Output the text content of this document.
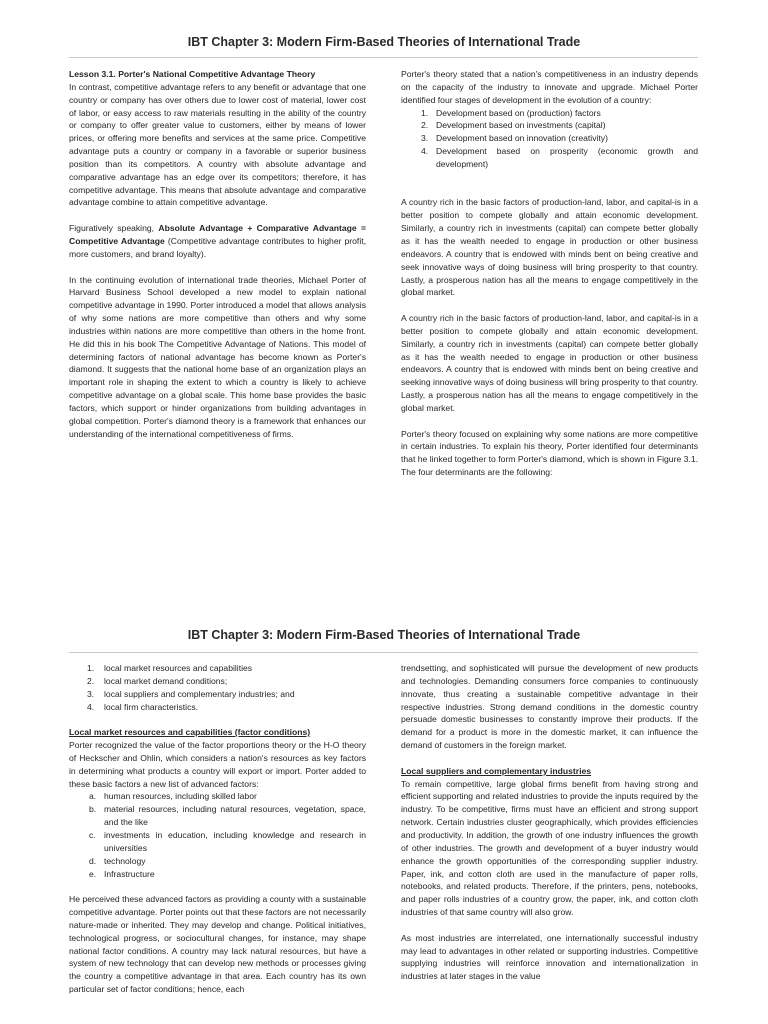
IBT Chapter 3: Modern Firm-Based Theories of International Trade

Lesson 3.1. Porter's National Competitive Advantage Theory

In contrast, competitive advantage refers to any benefit or advantage that one country or company has over others due to lower cost of material, lower cost of labor, or easy access to raw materials resulting in the ability of the country or company to offer greater value to customers, either by means of lower prices, or offering more benefits and services at the same price. Competitive advantage puts a country or company in a favorable or superior business position than its competitors. A country with absolute advantage and comparative advantage has an edge over its competitors; therefore, it has competitive advantage. This means that absolute advantage and comparative advantage combine to attain competitive advantage.

Figuratively speaking, Absolute Advantage + Comparative Advantage = Competitive Advantage (Competitive advantage contributes to higher profit, more customers, and brand loyalty).

In the continuing evolution of international trade theories, Michael Porter of Harvard Business School developed a new model to explain national competitive advantage in 1990. Porter introduced a model that allows analysis of why some nations are more competitive than others and why some industries within nations are more competitive than others in the home front. He did this in his book The Competitive Advantage of Nations. This model of determining factors of national advantage has become known as Porter's diamond. It suggests that the national home base of an organization plays an important role in shaping the extent to which a country is likely to achieve competitive advantage on a global scale. This home base provides the basic factors, which support or hinder organizations from building advantages in global competition. Porter's diamond theory is a framework that enhances our understanding of the international competitiveness of firms.

Porter's theory stated that a nation's competitiveness in an industry depends on the capacity of the industry to innovate and upgrade. Michael Porter identified four stages of development in the evolution of a country:

1. Development based on (production) factors
2. Development based on investments (capital)
3. Development based on innovation (creativity)
4. Development based on prosperity (economic growth and development)

A country rich in the basic factors of production-land, labor, and capital-is in a better position to compete globally and attain economic development. Similarly, a country rich in investments (capital) can compete better globally as it has the wealth needed to engage in production or other business endeavors. A country that is endowed with minds bent on being creative and seek innovative ways of doing business will bring prosperity to that country. Lastly, a prosperous nation has all the means to engage competitively in the global market.

A country rich in the basic factors of production-land, labor, and capital-is in a better position to compete globally and attain economic development. Similarly, a country rich in investments (capital) can compete better globally as it has the wealth needed to engage in production or other business endeavors. A country that is endowed with minds bent on being creative and seeking innovative ways of doing business will bring prosperity to that country. Lastly, a prosperous nation has all the means to engage competitively in the global market.

Porter's theory focused on explaining why some nations are more competitive in certain industries. To explain his theory, Porter identified four determinants that he linked together to form Porter's diamond, which is shown in Figure 3.1. The four determinants are the following:

IBT Chapter 3: Modern Firm-Based Theories of International Trade
1. local market resources and capabilities
2. local market demand conditions;
3. local suppliers and complementary industries; and
4. local firm characteristics.

Local market resources and capabilities (factor conditions)

Porter recognized the value of the factor proportions theory or the H-O theory of Heckscher and Ohlin, which considers a nation's resources as key factors in determining what products a country will export or import. Porter added to these basic factors a new list of advanced factors:

a. human resources, including skilled labor
b. material resources, including natural resources, vegetation, space, and the like
c. investments in education, including knowledge and research in universities
d. technology
e. Infrastructure

He perceived these advanced factors as providing a county with a sustainable competitive advantage. Porter points out that these factors are not necessarily nature-made or inherited. They may develop and change. Political initiatives, technological progress, or sociocultural changes, for instance, may shape national factor conditions. A country may lack natural resources, but have a system of new technology that can develop new methods or processes giving the country a competitive advantage in that area. Each country has its own particular set of factor conditions; hence, each

trendsetting, and sophisticated will pursue the development of new products and technologies. Demanding consumers force companies to continuously innovate, thus creating a sustainable competitive advantage in their respective industries. Strong demand conditions in the domestic country persuade domestic businesses to constantly improve their products. If the demand for a product is more in the domestic market, it can influence the demand of customers in the foreign market.

Local suppliers and complementary industries

To remain competitive, large global firms benefit from having strong and efficient supporting and related industries to provide the inputs required by the industry. To be competitive, firms must have an efficient and strong support network. Certain industries cluster geographically, which provides efficiencies and productivity. In addition, the growth of one industry influences the growth of other industries. The growth and development of a buyer industry would enhance the growth opportunities of the corresponding supplier industry. Paper, ink, and cotton cloth are used in the manufacture of paper rolls, notebooks, and related products. Therefore, if the printers, pens, notebooks, and paper rolls industries of a country grow, the paper, ink, and cotton cloth industries of that same country will also grow.

As most industries are interrelated, one internationally successful industry may lead to advantages in other related or supporting industries. Competitive supplying industries will reinforce innovation and internationalization in industries at later stages in the value
